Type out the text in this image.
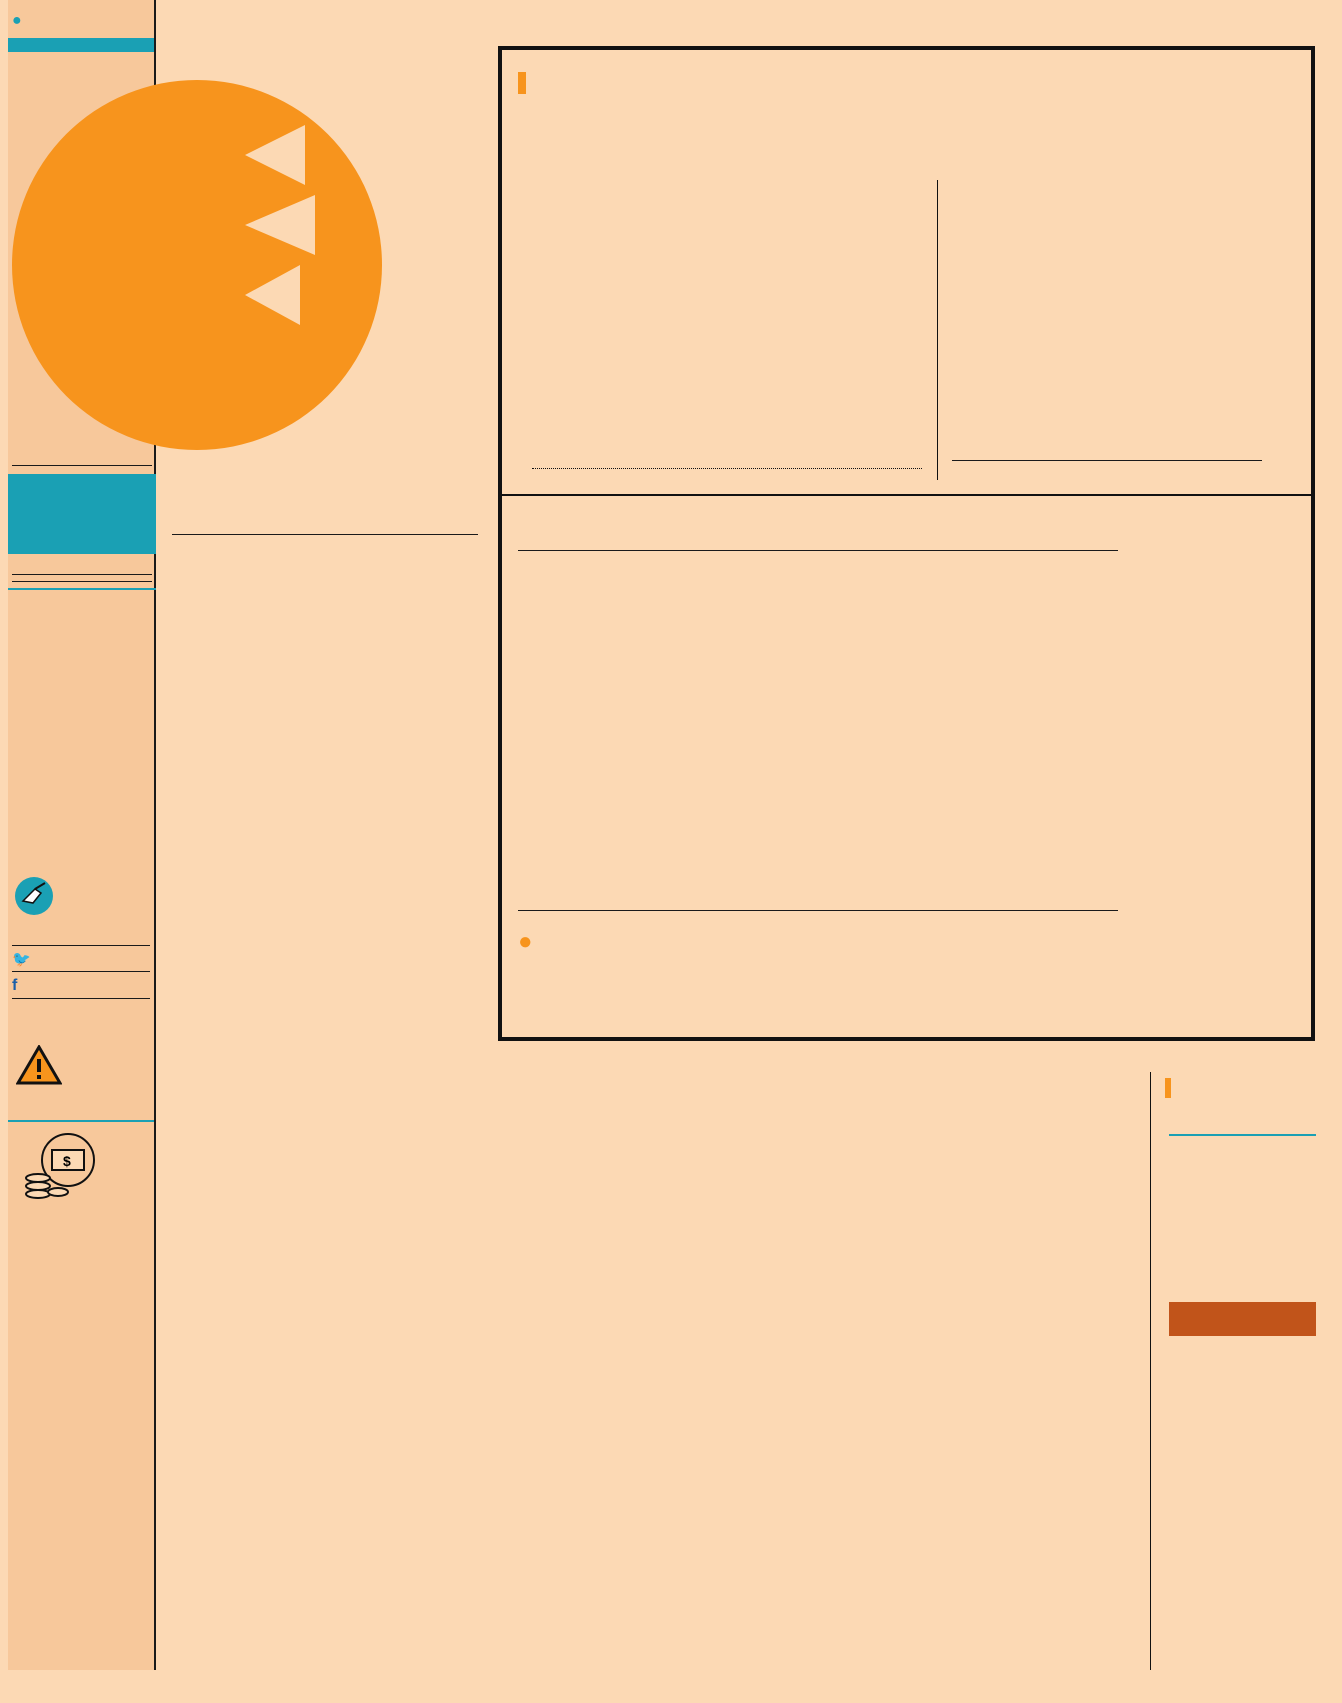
●
🐦
f
$
●
